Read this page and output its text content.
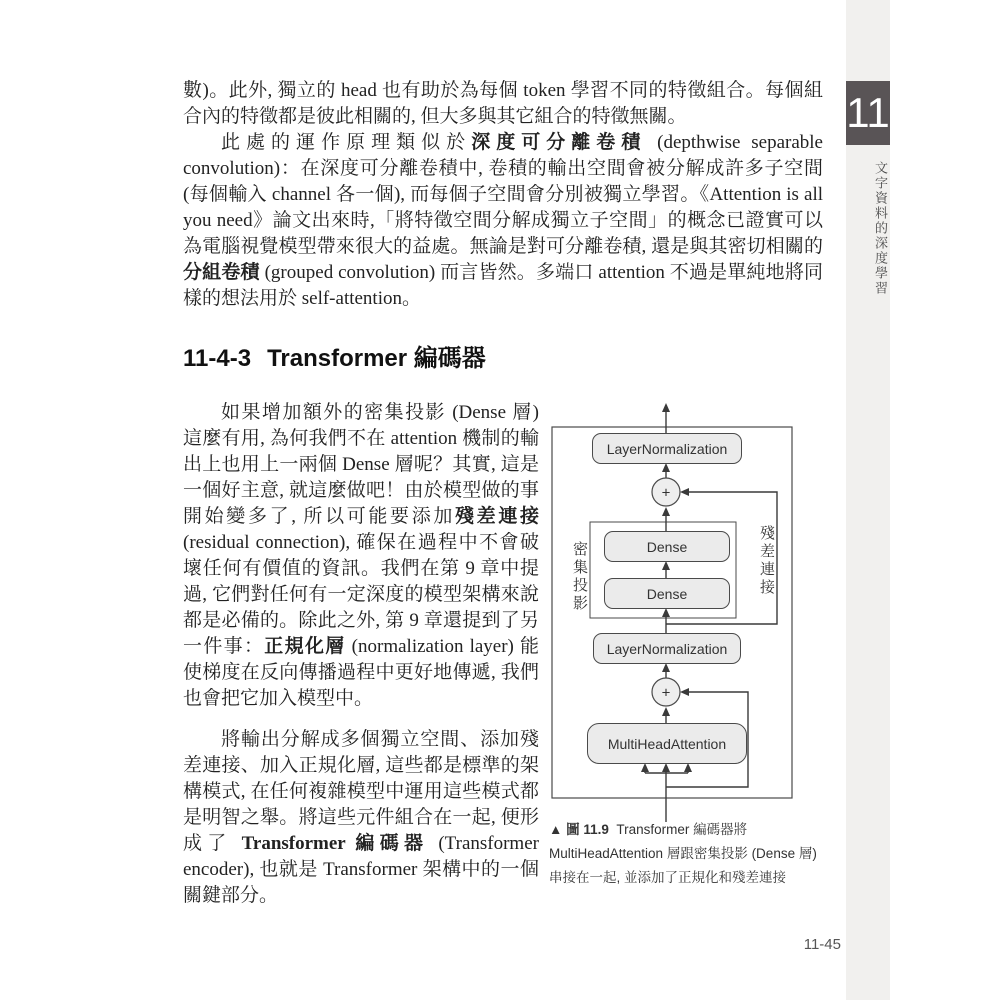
11
文字資料的深度學習

數)。此外, 獨立的 head 也有助於為每個 token 學習不同的特徵組合。每個組合內的特徵都是彼此相關的, 但大多與其它組合的特徵無關。

此處的運作原理類似於深度可分離卷積 (depthwise separable convolution)：在深度可分離卷積中, 卷積的輸出空間會被分解成許多子空間 (每個輸入 channel 各一個), 而每個子空間會分別被獨立學習。《Attention is all you need》論文出來時,「將特徵空間分解成獨立子空間」的概念已證實可以為電腦視覺模型帶來很大的益處。無論是對可分離卷積, 還是與其密切相關的分組卷積 (grouped convolution) 而言皆然。多端口 attention 不過是單純地將同樣的想法用於 self-attention。

11-4-3 Transformer 編碼器

如果增加額外的密集投影 (Dense 層) 這麼有用, 為何我們不在 attention 機制的輸出上也用上一兩個 Dense 層呢？其實, 這是一個好主意, 就這麼做吧！由於模型做的事開始變多了, 所以可能要添加殘差連接 (residual connection), 確保在過程中不會破壞任何有價值的資訊。我們在第 9 章中提過, 它們對任何有一定深度的模型架構來說都是必備的。除此之外, 第 9 章還提到了另一件事：正規化層 (normalization layer) 能使梯度在反向傳播過程中更好地傳遞, 我們也會把它加入模型中。

將輸出分解成多個獨立空間、添加殘差連接、加入正規化層, 這些都是標準的架構模式, 在任何複雜模型中運用這些模式都是明智之舉。將這些元件組合在一起, 便形成了 Transformer 編碼器 (Transformer encoder), 也就是 Transformer 架構中的一個關鍵部分。

+
+
LayerNormalization
Dense
Dense
LayerNormalization
MultiHeadAttention
密集投影	殘差連接
▲ 圖 11.9  Transformer 編碼器將
MultiHeadAttention 層跟密集投影 (Dense 層)
串接在一起, 並添加了正規化和殘差連接
11-45
